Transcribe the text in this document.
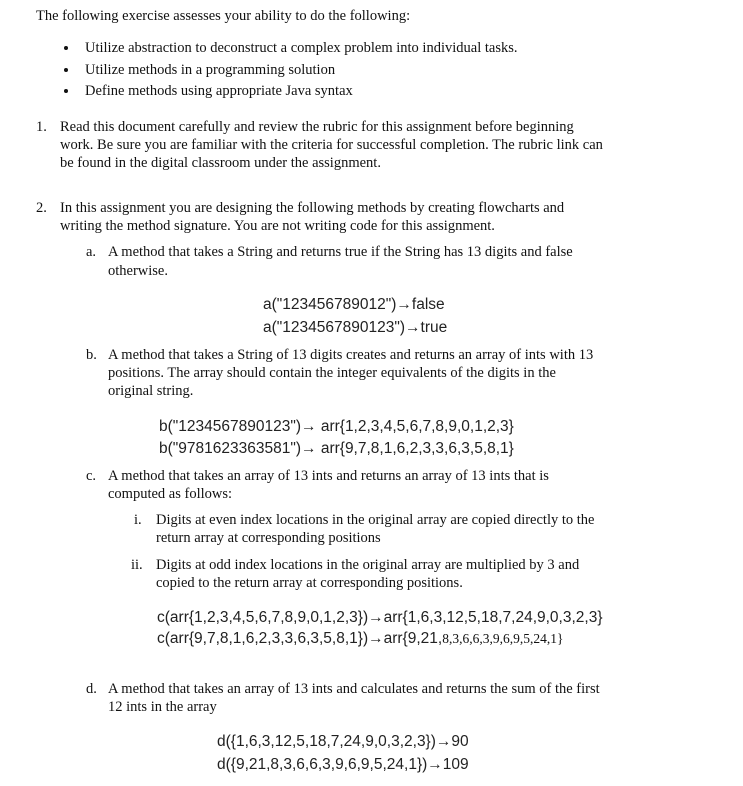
The following exercise assesses your ability to do the following:
Utilize abstraction to deconstruct a complex problem into individual tasks.
Utilize methods in a programming solution
Define methods using appropriate Java syntax
1. Read this document carefully and review the rubric for this assignment before beginning
work. Be sure you are familiar with the criteria for successful completion. The rubric link can
be found in the digital classroom under the assignment.
2. In this assignment you are designing the following methods by creating flowcharts and
writing the method signature. You are not writing code for this assignment.
a. A method that takes a String and returns true if the String has 13 digits and false
otherwise.
a("123456789012")→false
a("1234567890123")→true
b. A method that takes a String of 13 digits creates and returns an array of ints with 13
positions. The array should contain the integer equivalents of the digits in the
original string.
b("1234567890123")→ arr{1,2,3,4,5,6,7,8,9,0,1,2,3}
b("9781623363581")→ arr{9,7,8,1,6,2,3,3,6,3,5,8,1}
c. A method that takes an array of 13 ints and returns an array of 13 ints that is
computed as follows:
i. Digits at even index locations in the original array are copied directly to the
return array at corresponding positions
ii. Digits at odd index locations in the original array are multiplied by 3 and
copied to the return array at corresponding positions.
c(arr{1,2,3,4,5,6,7,8,9,0,1,2,3})→arr{1,6,3,12,5,18,7,24,9,0,3,2,3}
c(arr{9,7,8,1,6,2,3,3,6,3,5,8,1})→arr{9,21,8,3,6,6,3,9,6,9,5,24,1}
d. A method that takes an array of 13 ints and calculates and returns the sum of the first
12 ints in the array
d({1,6,3,12,5,18,7,24,9,0,3,2,3})→90
d({9,21,8,3,6,6,3,9,6,9,5,24,1})→109
